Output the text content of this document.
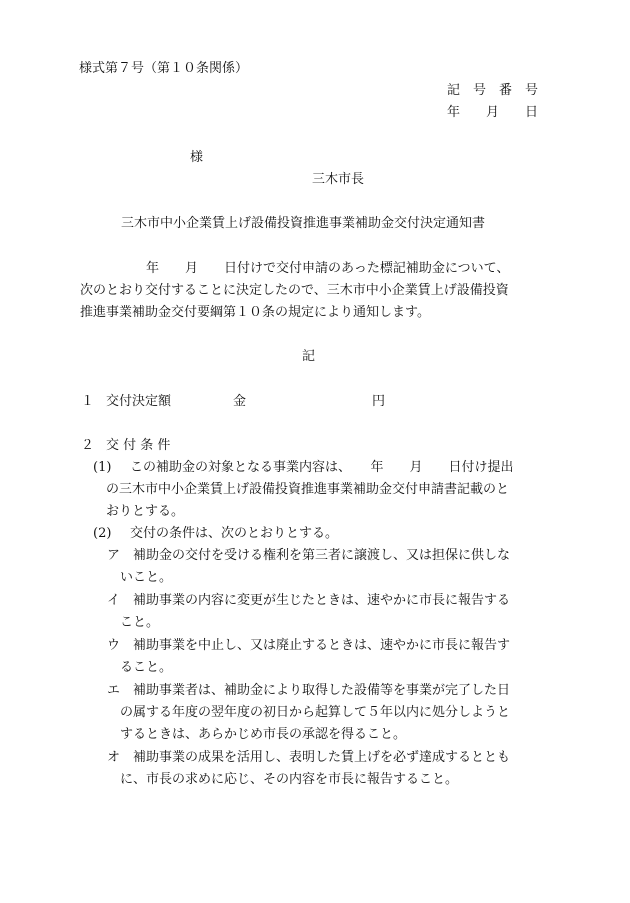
様式第７号（第１０条関係）
記　号　番　号
年　　月　　日
様
三木市長
三木市中小企業賃上げ設備投資推進事業補助金交付決定通知書
年　　月　　日付けで交付申請のあった標記補助金について、
次のとおり交付することに決定したので、三木市中小企業賃上げ設備投資
推進事業補助金交付要綱第１０条の規定により通知します。
記
１ 交付決定額	金	円
２ 交 付 条 件
(1) この補助金の対象となる事業内容は、　　年　　月　　日付け提出
の三木市中小企業賃上げ設備投資推進事業補助金交付申請書記載のと
おりとする。
(2) 交付の条件は、次のとおりとする。
ア 補助金の交付を受ける権利を第三者に譲渡し、又は担保に供しな
いこと。
イ 補助事業の内容に変更が生じたときは、速やかに市長に報告する
こと。
ウ 補助事業を中止し、又は廃止するときは、速やかに市長に報告す
ること。
エ 補助事業者は、補助金により取得した設備等を事業が完了した日
の属する年度の翌年度の初日から起算して５年以内に処分しようと
するときは、あらかじめ市長の承認を得ること。
オ 補助事業の成果を活用し、表明した賃上げを必ず達成するととも
に、市長の求めに応じ、その内容を市長に報告すること。
